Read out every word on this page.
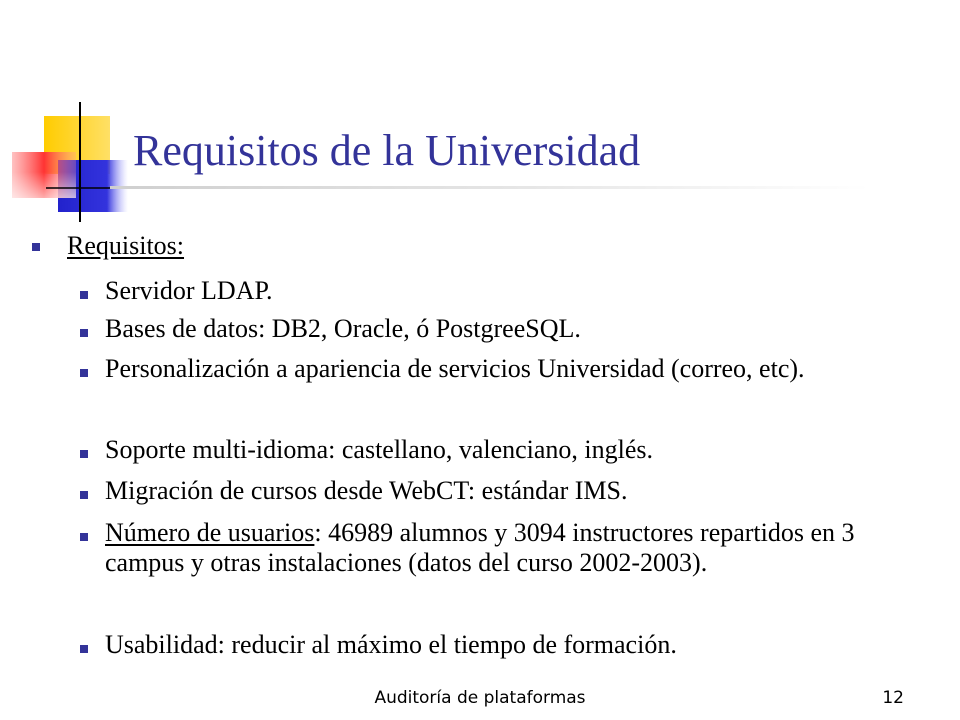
Requisitos de la Universidad
Requisitos:
Servidor LDAP.
Bases de datos: DB2, Oracle, ó PostgreeSQL.
Personalización a apariencia de servicios Universidad (correo, etc).
Soporte multi-idioma: castellano, valenciano, inglés.
Migración de cursos desde WebCT: estándar IMS.
Número de usuarios: 46989 alumnos y 3094 instructores repartidos en 3 campus y otras instalaciones (datos del curso 2002-2003).
Usabilidad: reducir al máximo el tiempo de formación.
Auditoría de plataformas	12
